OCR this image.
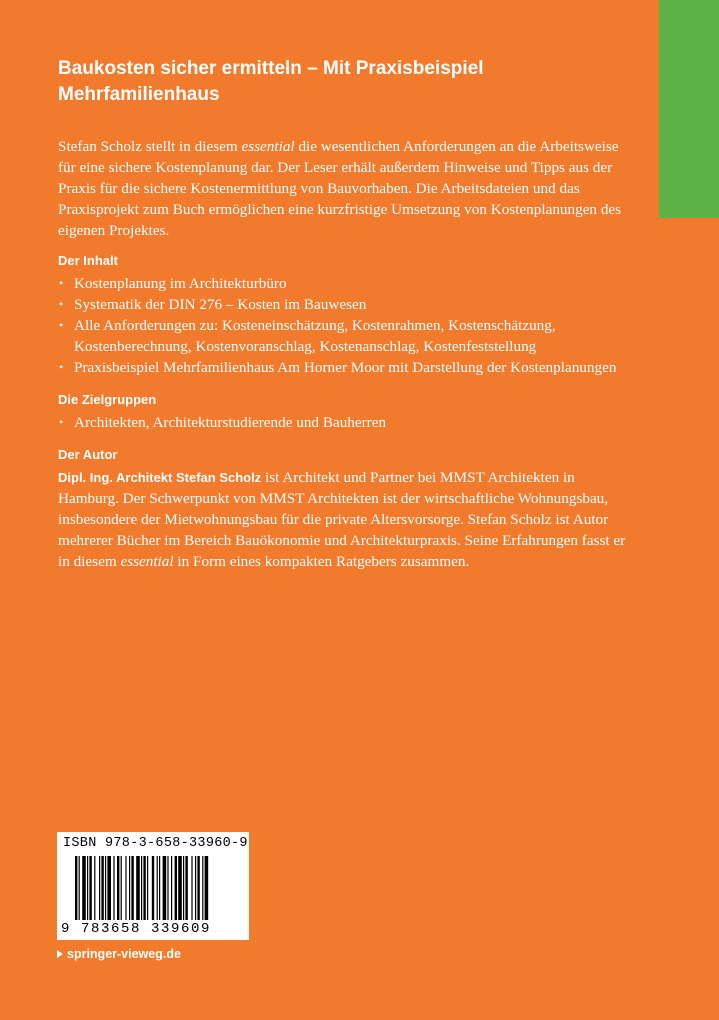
Baukosten sicher ermitteln – Mit Praxisbeispiel
Mehrfamilienhaus

Stefan Scholz stellt in diesem essential die wesentlichen Anforderungen an die Arbeitsweise für eine sichere Kostenplanung dar. Der Leser erhält außerdem Hinweise und Tipps aus der Praxis für die sichere Kostenermittlung von Bauvorhaben. Die Arbeitsdateien und das Praxisprojekt zum Buch ermöglichen eine kurzfristige Umsetzung von Kostenplanungen des eigenen Projektes.

Der Inhalt
• Kostenplanung im Architekturbüro
• Systematik der DIN 276 – Kosten im Bauwesen
• Alle Anforderungen zu: Kosteneinschätzung, Kostenrahmen, Kostenschätzung, Kostenberechnung, Kostenvoranschlag, Kostenanschlag, Kostenfeststellung
• Praxisbeispiel Mehrfamilienhaus Am Horner Moor mit Darstellung der Kostenplanungen
Die Zielgruppen
• Architekten, Architekturstudierende und Bauherren
Der Autor

Dipl. Ing. Architekt Stefan Scholz ist Architekt und Partner bei MMST Architekten in Hamburg. Der Schwerpunkt von MMST Architekten ist der wirtschaftliche Wohnungsbau, insbesondere der Mietwohnungsbau für die private Altersvorsorge. Stefan Scholz ist Autor mehrerer Bücher im Bereich Bauökonomie und Architekturpraxis. Seine Erfahrungen fasst er in diesem essential in Form eines kompakten Ratgebers zusammen.

ISBN 978-3-658-33960-9
9 783658 339609
springer-vieweg.de
